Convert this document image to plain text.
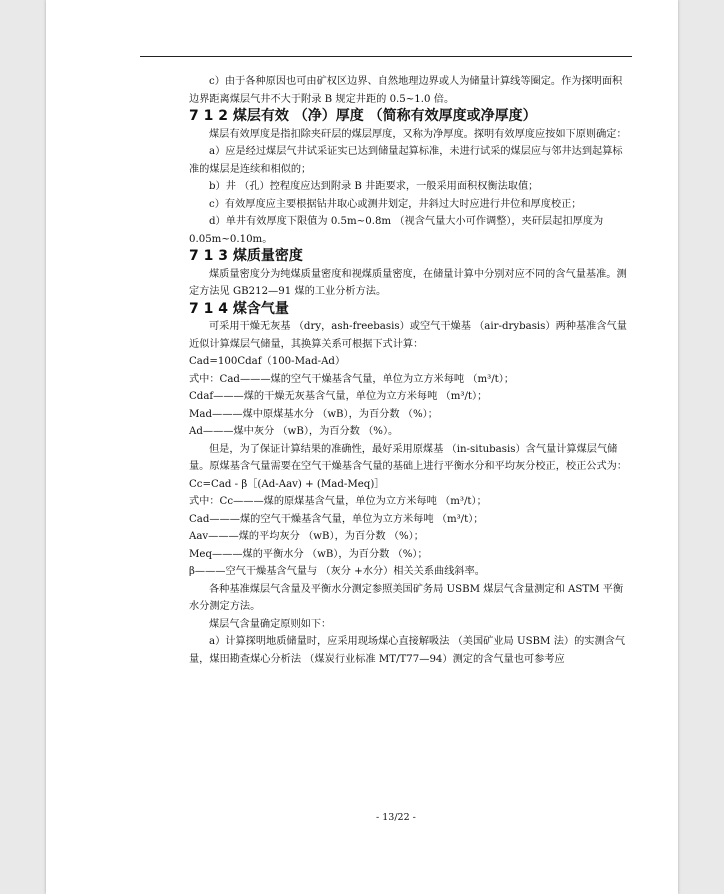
c）由于各种原因也可由矿权区边界、自然地理边界或人为储量计算线等圈定。作为探明面积边界距离煤层气井不大于附录 B 规定井距的 0.5~1.0 倍。

7 1 2 煤层有效 （净）厚度 （简称有效厚度或净厚度）

煤层有效厚度是指扣除夹矸层的煤层厚度，又称为净厚度。探明有效厚度应按如下原则确定：

a）应是经过煤层气井试采证实已达到储量起算标准，未进行试采的煤层应与邻井达到起算标准的煤层是连续和相似的；

b）井 （孔）控程度应达到附录 B 井距要求，一般采用面积权衡法取值；

c）有效厚度应主要根据钻井取心或测井划定，井斜过大时应进行井位和厚度校正；

d）单井有效厚度下限值为 0.5m~0.8m （视含气量大小可作调整），夹矸层起扣厚度为 0.05m~0.10m。

7 1 3 煤质量密度

煤质量密度分为纯煤质量密度和视煤质量密度，在储量计算中分别对应不同的含气量基准。测定方法见 GB212—91 煤的工业分析方法。

7 1 4 煤含气量

可采用干燥无灰基 （dry，ash-freebasis）或空气干燥基 （air-drybasis）两种基准含气量近似计算煤层气储量，其换算关系可根据下式计算：

Cad=100Cdaf（100-Mad-Ad）

式中：Cad———煤的空气干燥基含气量，单位为立方米每吨 （m³/t）；

Cdaf———煤的干燥无灰基含气量，单位为立方米每吨 （m³/t）；

Mad———煤中原煤基水分 （wB），为百分数 （%）；

Ad———煤中灰分 （wB），为百分数 （%）。

但是，为了保证计算结果的准确性，最好采用原煤基 （in-situbasis）含气量计算煤层气储量。原煤基含气量需要在空气干燥基含气量的基础上进行平衡水分和平均灰分校正，校正公式为：

Cc=Cad - β［(Ad-Aav) + (Mad-Meq)］

式中：Cc———煤的原煤基含气量，单位为立方米每吨 （m³/t）；

Cad———煤的空气干燥基含气量，单位为立方米每吨 （m³/t）；

Aav———煤的平均灰分 （wB），为百分数 （%）；

Meq———煤的平衡水分 （wB），为百分数 （%）；

β———空气干燥基含气量与 （灰分 +水分）相关关系曲线斜率。

各种基准煤层气含量及平衡水分测定参照美国矿务局 USBM 煤层气含量测定和 ASTM 平衡水分测定方法。

煤层气含量确定原则如下：

a）计算探明地质储量时，应采用现场煤心直接解吸法 （美国矿业局 USBM 法）的实测含气量，煤田勘查煤心分析法 （煤炭行业标准 MT/T77—94）测定的含气量也可参考应

- 13/22 -
